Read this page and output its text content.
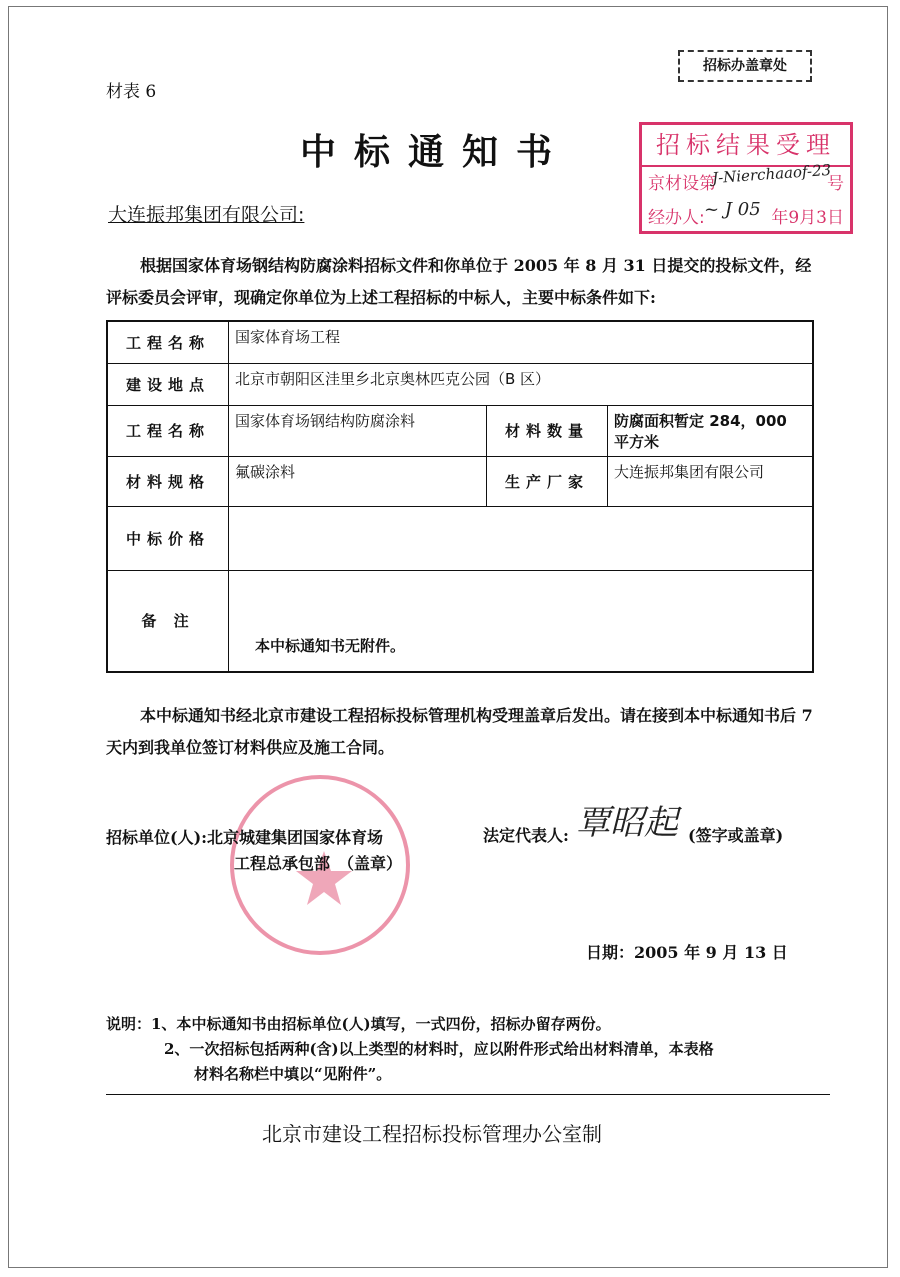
材表 6
招标办盖章处
中标通知书	招标结果受理
京材设第
J-Nierchaaof-23
号
经办人: ~ J 05 年9月3日
大连振邦集团有限公司:
根据国家体育场钢结构防腐涂料招标文件和你单位于 2005 年 8 月 31 日提交的投标文件，经评标委员会评审，现确定你单位为上述工程招标的中标人，主要中标条件如下:
工程名称	国家体育场工程		
建设地点	北京市朝阳区洼里乡北京奥林匹克公园（B 区）		
工程名称	国家体育场钢结构防腐涂料	材料数量	防腐面积暂定 284，000 平方米
材料规格	氟碳涂料	生产厂家	大连振邦集团有限公司
中标价格			
备 注	本中标通知书无附件。		
本中标通知书经北京市建设工程招标投标管理机构受理盖章后发出。请在接到本中标通知书后 7 天内到我单位签订材料供应及施工合同。
招标单位(人):北京城建集团国家体育场
工程总承包部　（盖章）
法定代表人: 覃昭起 (签字或盖章)
日期：2005 年 9 月 13 日
说明：1、本中标通知书由招标单位(人)填写，一式四份，招标办留存两份。
2、一次招标包括两种(含)以上类型的材料时，应以附件形式给出材料清单，本表格
材料名称栏中填以“见附件”。
北京市建设工程招标投标管理办公室制
